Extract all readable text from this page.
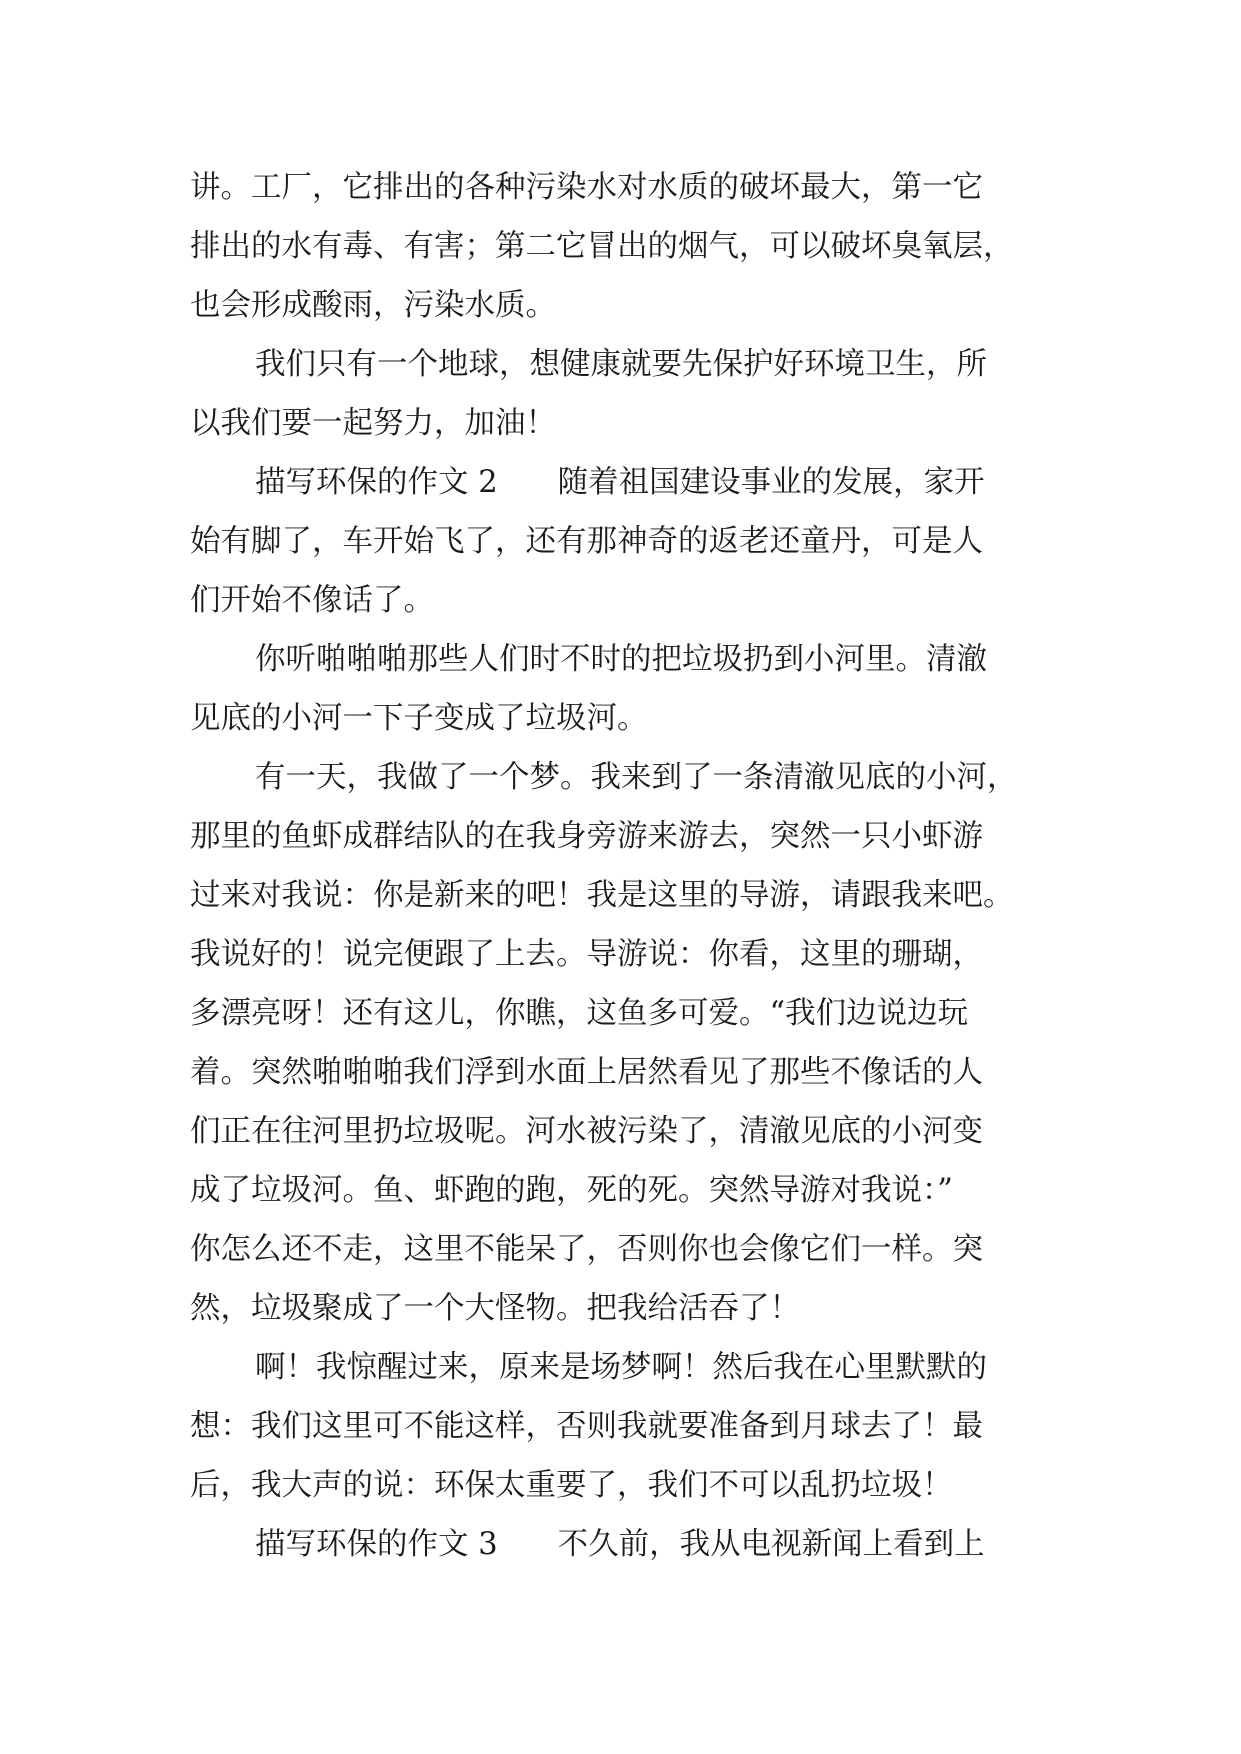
讲。工厂，它排出的各种污染水对水质的破坏最大，第一它
排出的水有毒、有害；第二它冒出的烟气，可以破坏臭氧层，
也会形成酸雨，污染水质。
我们只有一个地球，想健康就要先保护好环境卫生，所
以我们要一起努力，加油！
描写环保的作文 2 随着祖国建设事业的发展，家开
始有脚了，车开始飞了，还有那神奇的返老还童丹，可是人
们开始不像话了。
你听啪啪啪那些人们时不时的把垃圾扔到小河里。清澈
见底的小河一下子变成了垃圾河。
有一天，我做了一个梦。我来到了一条清澈见底的小河，
那里的鱼虾成群结队的在我身旁游来游去，突然一只小虾游
过来对我说：你是新来的吧！我是这里的导游，请跟我来吧。
我说好的！说完便跟了上去。导游说：你看，这里的珊瑚，
多漂亮呀！还有这儿，你瞧，这鱼多可爱。“我们边说边玩
着。突然啪啪啪我们浮到水面上居然看见了那些不像话的人
们正在往河里扔垃圾呢。河水被污染了，清澈见底的小河变
成了垃圾河。鱼、虾跑的跑，死的死。突然导游对我说：”
你怎么还不走，这里不能呆了，否则你也会像它们一样。突
然，垃圾聚成了一个大怪物。把我给活吞了！
啊！我惊醒过来，原来是场梦啊！然后我在心里默默的
想：我们这里可不能这样，否则我就要准备到月球去了！最
后，我大声的说：环保太重要了，我们不可以乱扔垃圾！
描写环保的作文 3 不久前，我从电视新闻上看到上
